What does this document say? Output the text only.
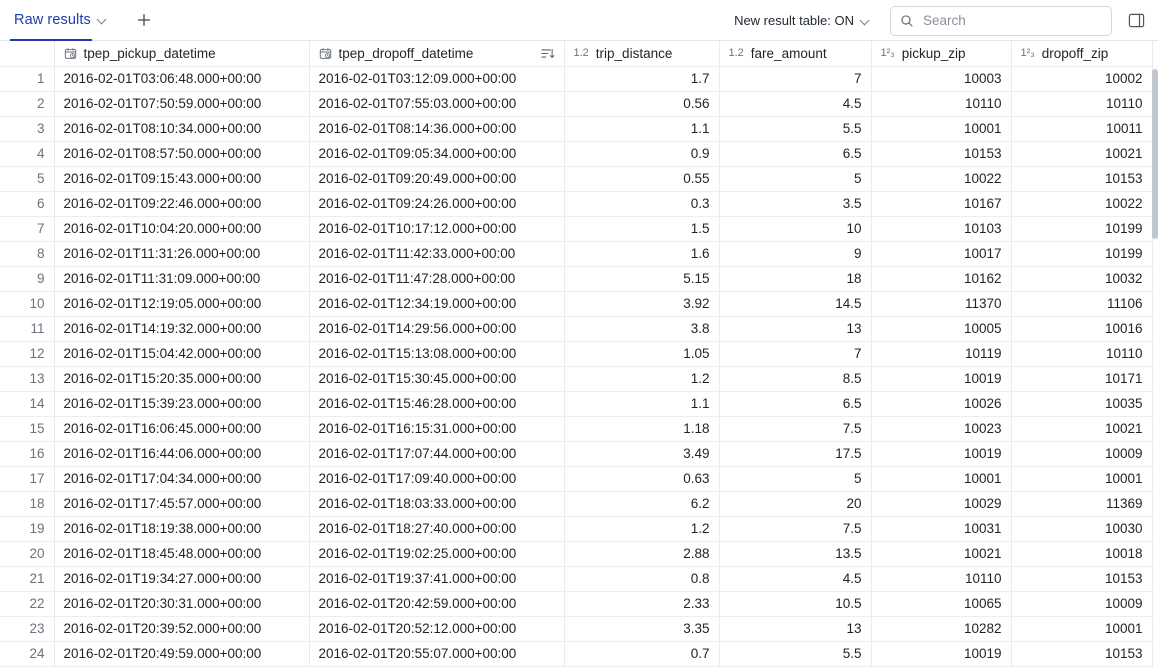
Raw results	New result table: ON
Search

	tpep_pickup_datetime	tpep_dropoff_datetime	1.2 trip_distance	1.2 fare_amount	1²₃ pickup_zip	1²₃ dropoff_zip

1	2016-02-01T03:06:48.000+00:00	2016-02-01T03:12:09.000+00:00	1.7	7	10003	10002
2	2016-02-01T07:50:59.000+00:00	2016-02-01T07:55:03.000+00:00	0.56	4.5	10110	10110
3	2016-02-01T08:10:34.000+00:00	2016-02-01T08:14:36.000+00:00	1.1	5.5	10001	10011
4	2016-02-01T08:57:50.000+00:00	2016-02-01T09:05:34.000+00:00	0.9	6.5	10153	10021
5	2016-02-01T09:15:43.000+00:00	2016-02-01T09:20:49.000+00:00	0.55	5	10022	10153
6	2016-02-01T09:22:46.000+00:00	2016-02-01T09:24:26.000+00:00	0.3	3.5	10167	10022
7	2016-02-01T10:04:20.000+00:00	2016-02-01T10:17:12.000+00:00	1.5	10	10103	10199
8	2016-02-01T11:31:26.000+00:00	2016-02-01T11:42:33.000+00:00	1.6	9	10017	10199
9	2016-02-01T11:31:09.000+00:00	2016-02-01T11:47:28.000+00:00	5.15	18	10162	10032
10	2016-02-01T12:19:05.000+00:00	2016-02-01T12:34:19.000+00:00	3.92	14.5	11370	11106
11	2016-02-01T14:19:32.000+00:00	2016-02-01T14:29:56.000+00:00	3.8	13	10005	10016
12	2016-02-01T15:04:42.000+00:00	2016-02-01T15:13:08.000+00:00	1.05	7	10119	10110
13	2016-02-01T15:20:35.000+00:00	2016-02-01T15:30:45.000+00:00	1.2	8.5	10019	10171
14	2016-02-01T15:39:23.000+00:00	2016-02-01T15:46:28.000+00:00	1.1	6.5	10026	10035
15	2016-02-01T16:06:45.000+00:00	2016-02-01T16:15:31.000+00:00	1.18	7.5	10023	10021
16	2016-02-01T16:44:06.000+00:00	2016-02-01T17:07:44.000+00:00	3.49	17.5	10019	10009
17	2016-02-01T17:04:34.000+00:00	2016-02-01T17:09:40.000+00:00	0.63	5	10001	10001
18	2016-02-01T17:45:57.000+00:00	2016-02-01T18:03:33.000+00:00	6.2	20	10029	11369
19	2016-02-01T18:19:38.000+00:00	2016-02-01T18:27:40.000+00:00	1.2	7.5	10031	10030
20	2016-02-01T18:45:48.000+00:00	2016-02-01T19:02:25.000+00:00	2.88	13.5	10021	10018
21	2016-02-01T19:34:27.000+00:00	2016-02-01T19:37:41.000+00:00	0.8	4.5	10110	10153
22	2016-02-01T20:30:31.000+00:00	2016-02-01T20:42:59.000+00:00	2.33	10.5	10065	10009
23	2016-02-01T20:39:52.000+00:00	2016-02-01T20:52:12.000+00:00	3.35	13	10282	10001
24	2016-02-01T20:49:59.000+00:00	2016-02-01T20:55:07.000+00:00	0.7	5.5	10019	10153
